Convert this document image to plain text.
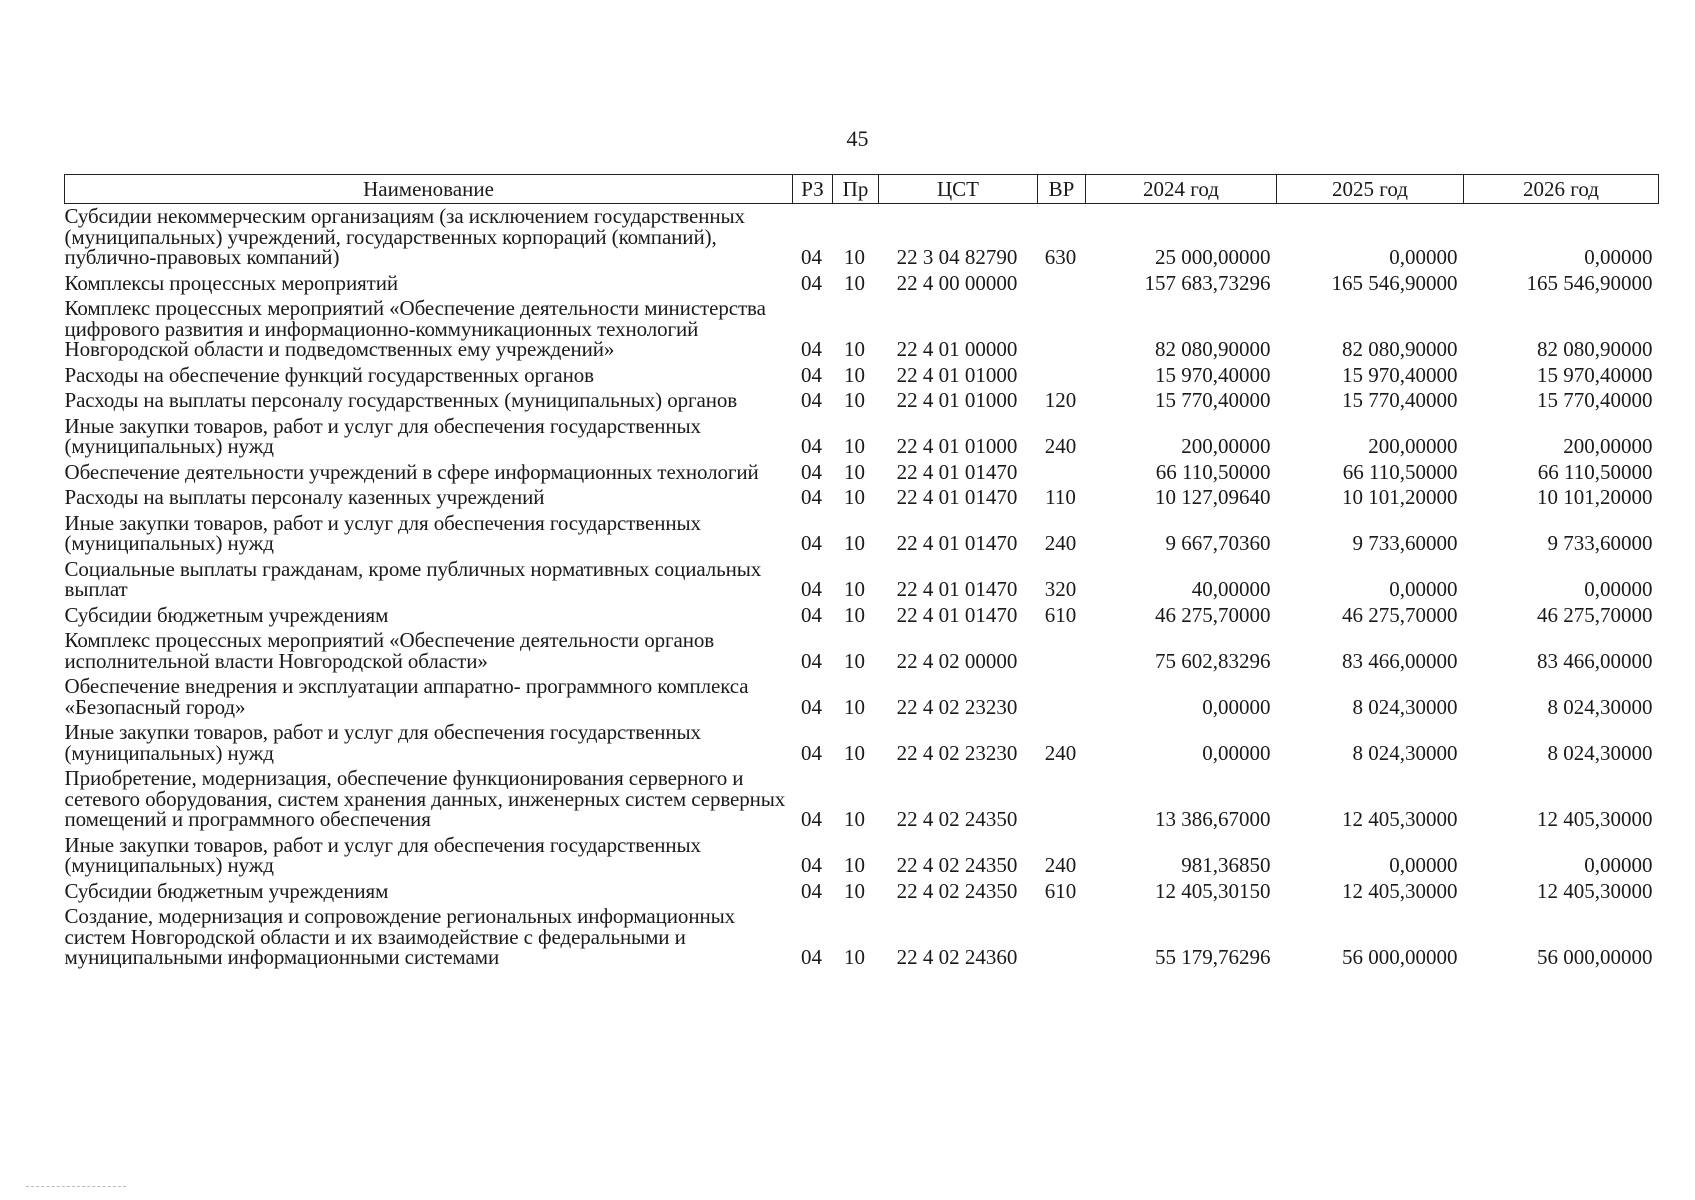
45
Наименование	РЗ	Пр	ЦСТ	ВР	2024 год	2025 год	2026 год
Субсидии некоммерческим организациям (за исключением государственных (муниципальных) учреждений, государственных корпораций (компаний), публично-правовых компаний)	04	10	22 3 04 82790	630	25 000,00000	0,00000	0,00000
Комплексы процессных мероприятий	04	10	22 4 00 00000		157 683,73296	165 546,90000	165 546,90000
Комплекс процессных мероприятий «Обеспечение деятельности министерства цифрового развития и информационно-коммуникационных технологий Новгородской области и подведомственных ему учреждений»	04	10	22 4 01 00000		82 080,90000	82 080,90000	82 080,90000
Расходы на обеспечение функций государственных органов	04	10	22 4 01 01000		15 970,40000	15 970,40000	15 970,40000
Расходы на выплаты персоналу государственных (муниципальных) органов	04	10	22 4 01 01000	120	15 770,40000	15 770,40000	15 770,40000
Иные закупки товаров, работ и услуг для обеспечения государственных (муниципальных) нужд	04	10	22 4 01 01000	240	200,00000	200,00000	200,00000
Обеспечение деятельности учреждений в сфере информационных технологий	04	10	22 4 01 01470		66 110,50000	66 110,50000	66 110,50000
Расходы на выплаты персоналу казенных учреждений	04	10	22 4 01 01470	110	10 127,09640	10 101,20000	10 101,20000
Иные закупки товаров, работ и услуг для обеспечения государственных (муниципальных) нужд	04	10	22 4 01 01470	240	9 667,70360	9 733,60000	9 733,60000
Социальные выплаты гражданам, кроме публичных нормативных социальных выплат	04	10	22 4 01 01470	320	40,00000	0,00000	0,00000
Субсидии бюджетным учреждениям	04	10	22 4 01 01470	610	46 275,70000	46 275,70000	46 275,70000
Комплекс процессных мероприятий «Обеспечение деятельности органов исполнительной власти Новгородской области»	04	10	22 4 02 00000		75 602,83296	83 466,00000	83 466,00000
Обеспечение внедрения и эксплуатации аппаратно- программного комплекса «Безопасный город»	04	10	22 4 02 23230		0,00000	8 024,30000	8 024,30000
Иные закупки товаров, работ и услуг для обеспечения государственных (муниципальных) нужд	04	10	22 4 02 23230	240	0,00000	8 024,30000	8 024,30000
Приобретение, модернизация, обеспечение функционирования серверного и сетевого оборудования, систем хранения данных, инженерных систем серверных помещений и программного обеспечения	04	10	22 4 02 24350		13 386,67000	12 405,30000	12 405,30000
Иные закупки товаров, работ и услуг для обеспечения государственных (муниципальных) нужд	04	10	22 4 02 24350	240	981,36850	0,00000	0,00000
Субсидии бюджетным учреждениям	04	10	22 4 02 24350	610	12 405,30150	12 405,30000	12 405,30000
Создание, модернизация и сопровождение региональных информационных систем Новгородской области и их взаимодействие с федеральными и муниципальными информационными системами	04	10	22 4 02 24360		55 179,76296	56 000,00000	56 000,00000
